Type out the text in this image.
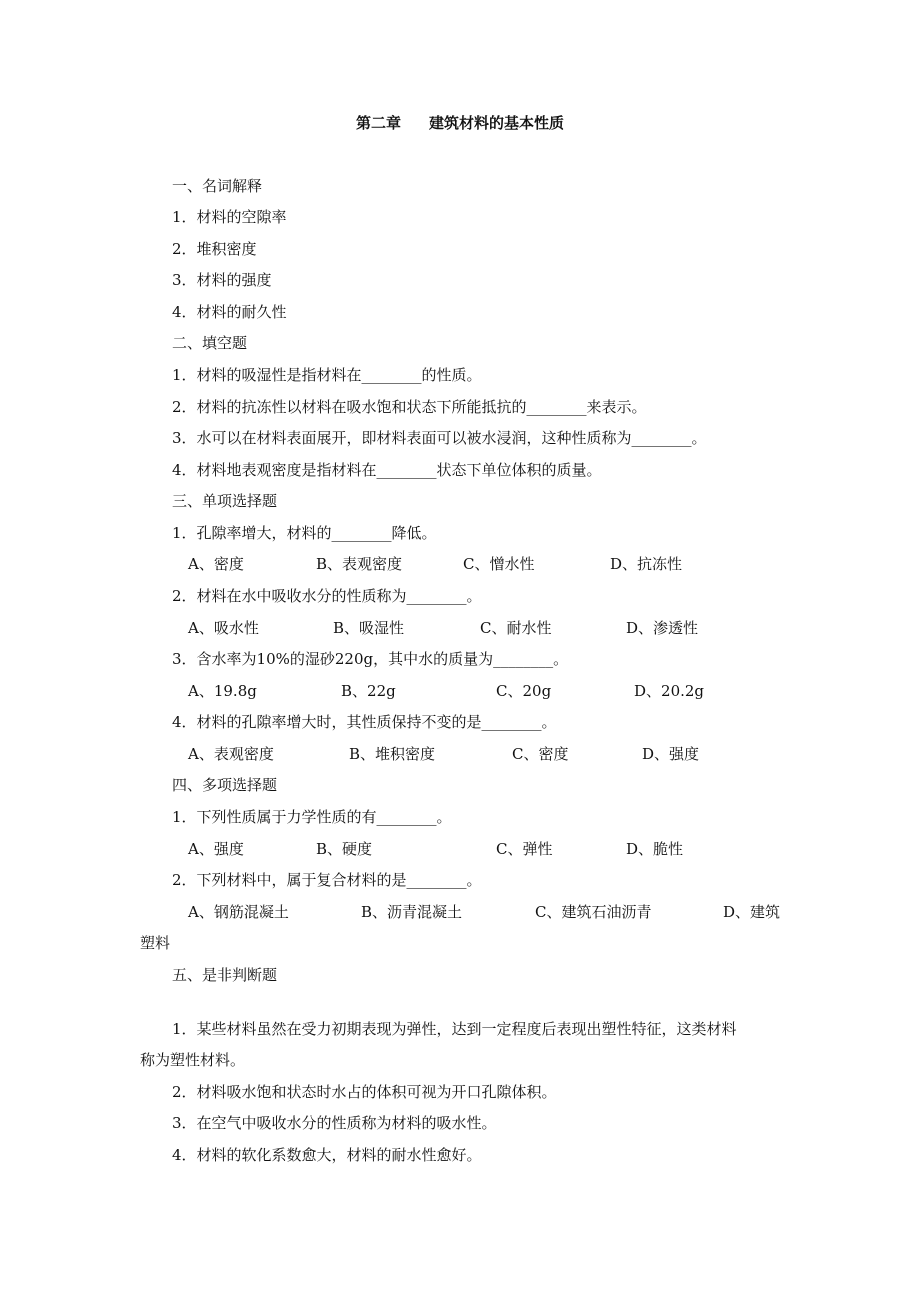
第二章 建筑材料的基本性质
一、名词解释
1．材料的空隙率
2．堆积密度
3．材料的强度
4．材料的耐久性
二、填空题
1．材料的吸湿性是指材料在________的性质。
2．材料的抗冻性以材料在吸水饱和状态下所能抵抗的________来表示。
3．水可以在材料表面展开，即材料表面可以被水浸润，这种性质称为________。
4．材料地表观密度是指材料在________状态下单位体积的质量。
三、单项选择题
1．孔隙率增大，材料的________降低。
A、密度	B、表观密度	C、憎水性	D、抗冻性
2．材料在水中吸收水分的性质称为________。
A、吸水性	B、吸湿性	C、耐水性	D、渗透性
3．含水率为10%的湿砂220g，其中水的质量为________。
A、19.8g	B、22g	C、20g	D、20.2g
4．材料的孔隙率增大时，其性质保持不变的是________。
A、表观密度	B、堆积密度	C、密度	D、强度
四、多项选择题
1．下列性质属于力学性质的有________。
A、强度	B、硬度	C、弹性	D、脆性
2．下列材料中，属于复合材料的是________。
A、钢筋混凝土	B、沥青混凝土	C、建筑石油沥青	D、建筑
塑料
五、是非判断题
1．某些材料虽然在受力初期表现为弹性，达到一定程度后表现出塑性特征，这类材料
称为塑性材料。
2．材料吸水饱和状态时水占的体积可视为开口孔隙体积。
3．在空气中吸收水分的性质称为材料的吸水性。
4．材料的软化系数愈大，材料的耐水性愈好。
